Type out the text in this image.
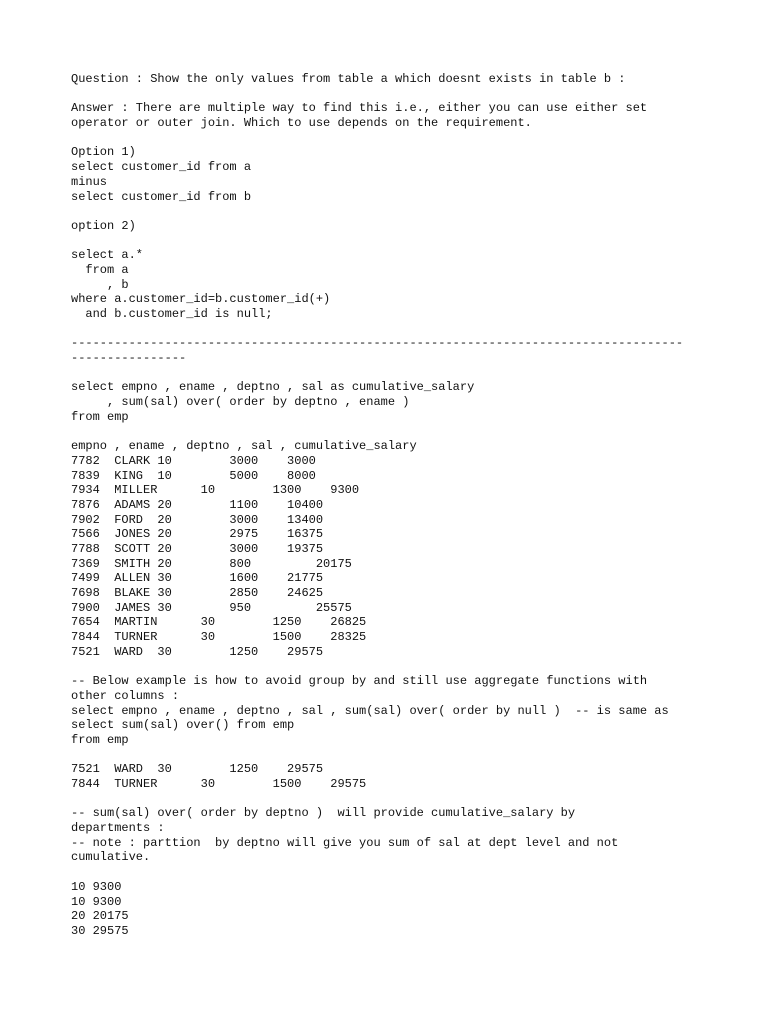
Question : Show the only values from table a which doesnt exists in table b :
Answer : There are multiple way to find this i.e., either you can use either set
operator or outer join. Which to use depends on the requirement.
Option 1)
select customer_id from a
minus
select customer_id from b
option 2)
select a.*
from a
, b
where a.customer_id=b.customer_id(+)
and b.customer_id is null;
-------------------------------------------------------------------------------------
----------------
select empno , ename , deptno , sal as cumulative_salary
, sum(sal) over( order by deptno , ename )
from emp
empno , ename , deptno , sal , cumulative_salary
7782  CLARK 10        3000    3000
7839  KING  10        5000    8000
7934  MILLER      10        1300    9300
7876  ADAMS 20        1100    10400
7902  FORD  20        3000    13400
7566  JONES 20        2975    16375
7788  SCOTT 20        3000    19375
7369  SMITH 20        800         20175
7499  ALLEN 30        1600    21775
7698  BLAKE 30        2850    24625
7900  JAMES 30        950         25575
7654  MARTIN      30        1250    26825
7844  TURNER      30        1500    28325
7521  WARD  30        1250    29575
-- Below example is how to avoid group by and still use aggregate functions with
other columns :
select empno , ename , deptno , sal , sum(sal) over( order by null )  -- is same as
select sum(sal) over() from emp
from emp
7521  WARD  30        1250    29575
7844  TURNER      30        1500    29575
-- sum(sal) over( order by deptno )  will provide cumulative_salary by
departments :
-- note : parttion  by deptno will give you sum of sal at dept level and not
cumulative.
10 9300
10 9300
20 20175
30 29575
